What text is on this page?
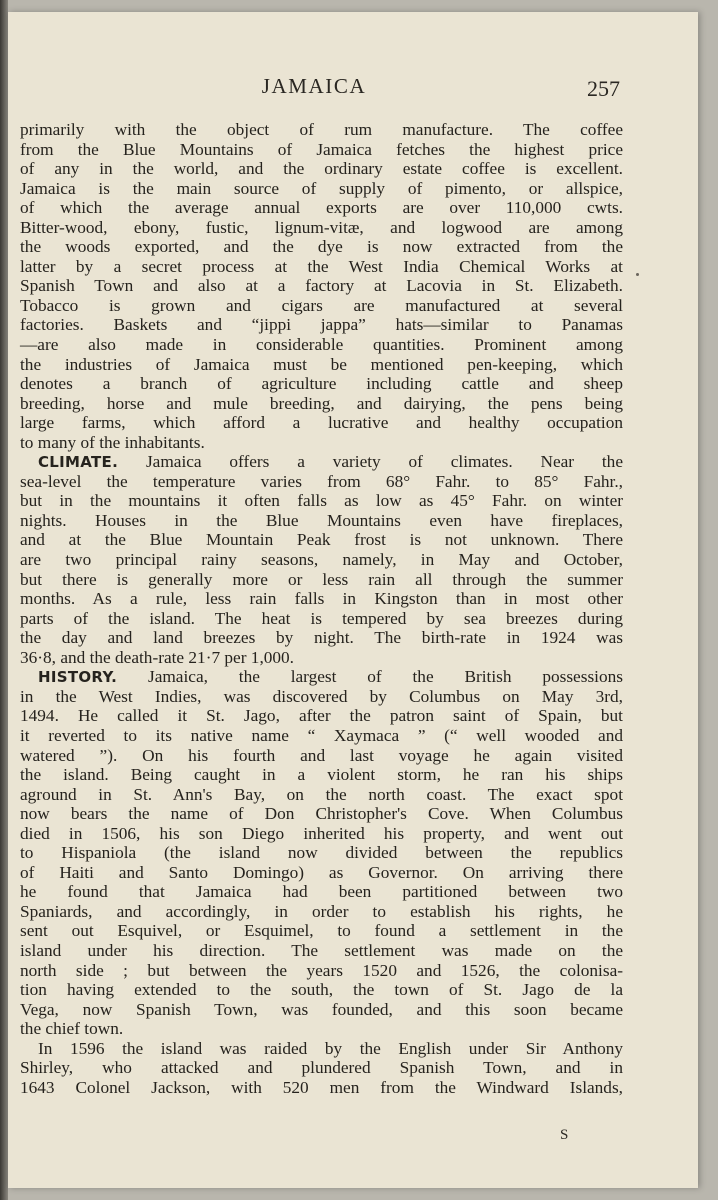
JAMAICA	257
primarily with the object of rum manufacture. The coffee
from the Blue Mountains of Jamaica fetches the highest price
of any in the world, and the ordinary estate coffee is excellent.
Jamaica is the main source of supply of pimento, or allspice,
of which the average annual exports are over 110,000 cwts.
Bitter-wood, ebony, fustic, lignum-vitæ, and logwood are among
the woods exported, and the dye is now extracted from the
latter by a secret process at the West India Chemical Works at
Spanish Town and also at a factory at Lacovia in St. Elizabeth.
Tobacco is grown and cigars are manufactured at several
factories. Baskets and “jippi jappa” hats—similar to Panamas
—are also made in considerable quantities. Prominent among
the industries of Jamaica must be mentioned pen-keeping, which
denotes a branch of agriculture including cattle and sheep
breeding, horse and mule breeding, and dairying, the pens being
large farms, which afford a lucrative and healthy occupation
to many of the inhabitants.
CLIMATE. Jamaica offers a variety of climates. Near the
sea-level the temperature varies from 68° Fahr. to 85° Fahr.,
but in the mountains it often falls as low as 45° Fahr. on winter
nights. Houses in the Blue Mountains even have fireplaces,
and at the Blue Mountain Peak frost is not unknown. There
are two principal rainy seasons, namely, in May and October,
but there is generally more or less rain all through the summer
months. As a rule, less rain falls in Kingston than in most other
parts of the island. The heat is tempered by sea breezes during
the day and land breezes by night. The birth-rate in 1924 was
36·8, and the death-rate 21·7 per 1,000.
HISTORY. Jamaica, the largest of the British possessions
in the West Indies, was discovered by Columbus on May 3rd,
1494. He called it St. Jago, after the patron saint of Spain, but
it reverted to its native name “ Xaymaca ” (“ well wooded and
watered ”). On his fourth and last voyage he again visited
the island. Being caught in a violent storm, he ran his ships
aground in St. Ann's Bay, on the north coast. The exact spot
now bears the name of Don Christopher's Cove. When Columbus
died in 1506, his son Diego inherited his property, and went out
to Hispaniola (the island now divided between the republics
of Haiti and Santo Domingo) as Governor. On arriving there
he found that Jamaica had been partitioned between two
Spaniards, and accordingly, in order to establish his rights, he
sent out Esquivel, or Esquimel, to found a settlement in the
island under his direction. The settlement was made on the
north side ; but between the years 1520 and 1526, the colonisa-
tion having extended to the south, the town of St. Jago de la
Vega, now Spanish Town, was founded, and this soon became
the chief town.
In 1596 the island was raided by the English under Sir Anthony
Shirley, who attacked and plundered Spanish Town, and in
1643 Colonel Jackson, with 520 men from the Windward Islands,
S
